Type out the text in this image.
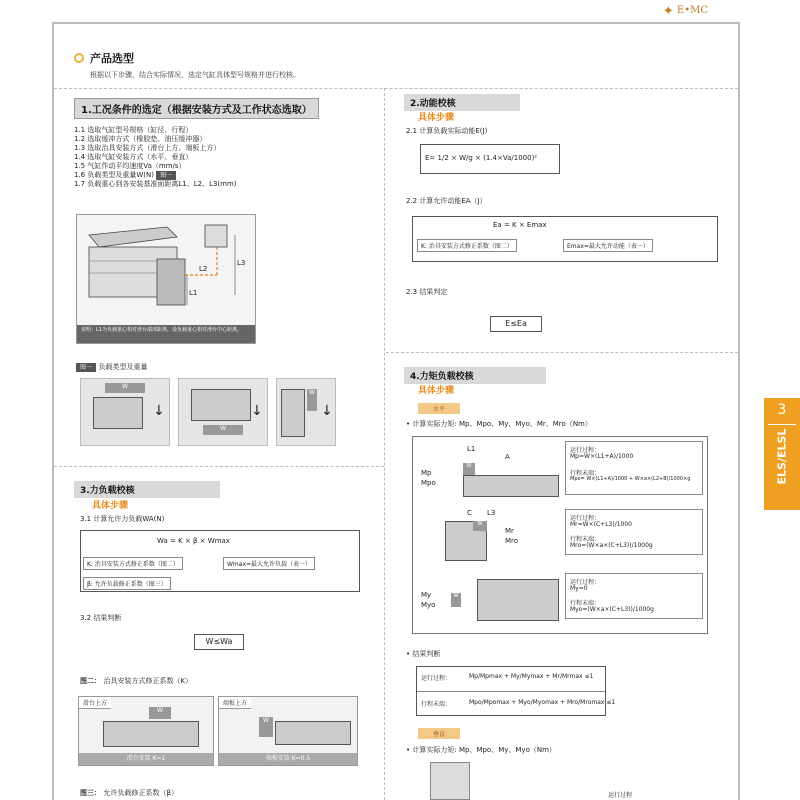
✦ E•MC
3
ELS/ELSL
产品选型
根据以下步骤，结合实际情况，选定气缸具体型号规格并进行校核。
1.工况条件的选定（根据安装方式及工作状态选取）
1.1 选取气缸型号规格（缸径、行程）
1.2 选取缓冲方式（橡胶垫、油压缓冲器）
1.3 选取治具安装方式（滑台上方、端板上方）
1.4 选取气缸安装方式（水平、垂直）
1.5 气缸作动平均速度Va（mm/s）
1.6 负载类型及重量W(N) 图一
1.7 负载重心到各安装基准面距离L1、L2、L3(mm)
L1
L2
L3
说明：L1为负载重心相对滑台端部距离，设负载重心相对滑台中心距离。
图一 负载类型及重量
W
↓
W
↓
W
↓
3.力负载校核
具体步骤
3.1 计算允许力负载WA(N)
Wa = K × β × Wmax
K: 治具安装方式修正系数（图二）	Wmax=最大允许负载（表一）
β: 允许负载修正系数（图三）
3.2 结果判断
W≤Wa
图二： 治具安装方式修正系数（K）
滑台上方
W
滑台安装 K=1
端板上方
W
端板安装 K=0.5
图三： 允许负载修正系数（β）
2.动能校核
具体步骤
2.1 计算负载实际动能E(J)
E= 1/2 × W/g × (1.4×Va/1000)²
2.2 计算允许动能EA（J）
Ea = K × Emax
K: 治具安装方式修正系数（图二）	Emax=最大允许动能（表一）
2.3 结果判定
E≤Ea
4.力矩负载校核
具体步骤
水平
• 计算实际力矩: Mp、Mpo、My、Myo、Mr、Mro（Nm）
Mp
Mpo
L1
A
W
运行过程：
Mp=W×(L1+A)/1000
行程末端：
Mpo= W×(L1+A)/1000 + W×a×(L2+B)/1000×g
C L3
W
Mr
Mro
运行过程：
Mr=W×(C+L3)/1000
行程末端：
Mro=(W×a×(C+L3))/1000g
My
Myo
W
运行过程：
My=0
行程末端：
Myo=(W×a×(C+L3))/1000g
• 结果判断
运行过程：	Mp/Mpmax + My/Mymax + Mr/Mrmax ≤1
行程末端：	Mpo/Mpomax + Myo/Myomax + Mro/Mromax ≤1
垂直
• 计算实际力矩: Mp、Mpo、My、Myo（Nm）
运行过程
